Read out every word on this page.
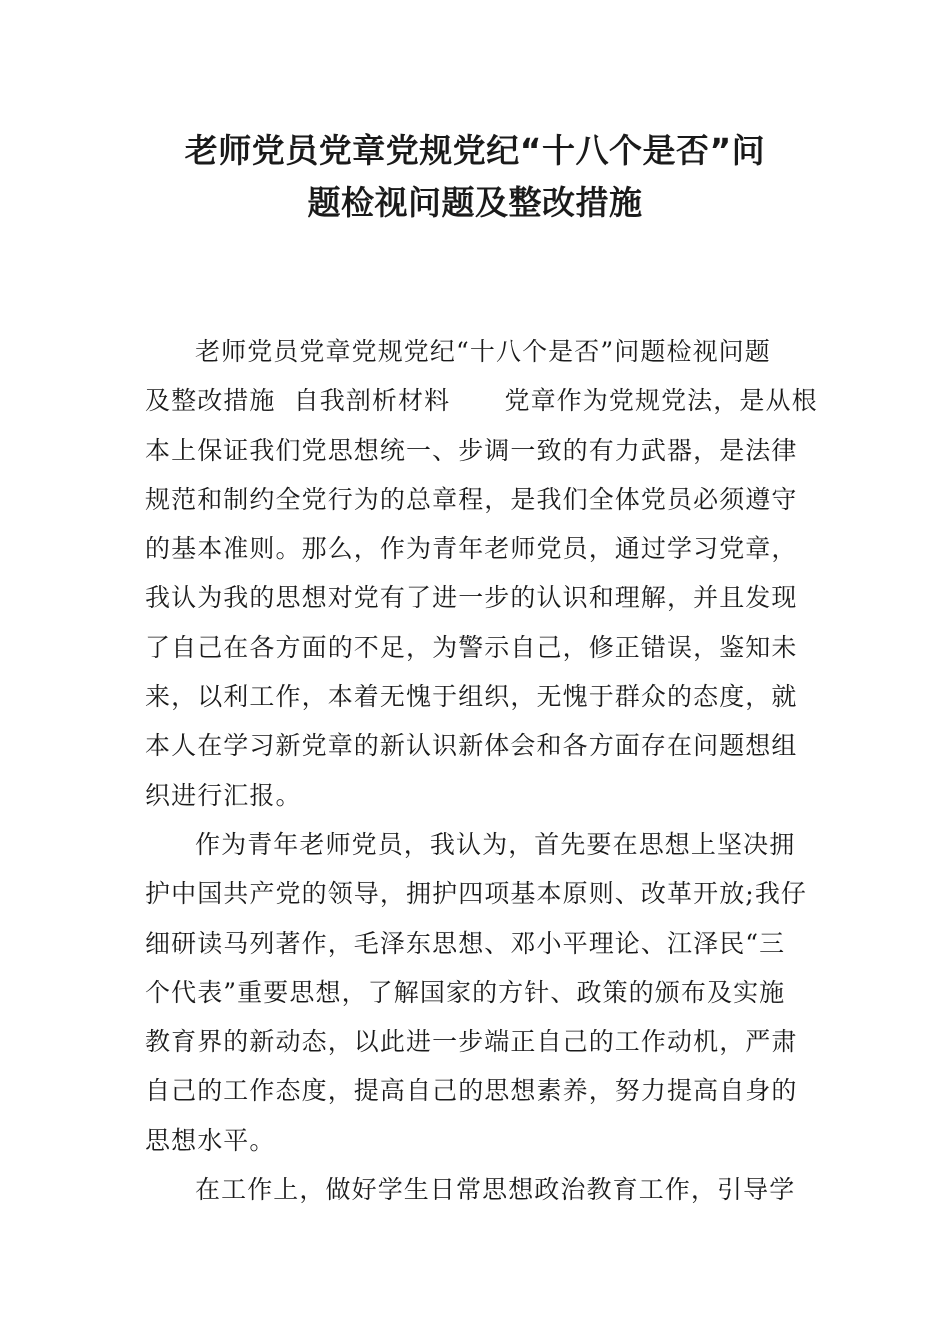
老师党员党章党规党纪“十八个是否”问
题检视问题及整改措施

老师党员党章党规党纪“十八个是否”问题检视问题
及整改措施  自我剖析材料      党章作为党规党法，是从根
本上保证我们党思想统一、步调一致的有力武器，是法律
规范和制约全党行为的总章程，是我们全体党员必须遵守
的基本准则。那么，作为青年老师党员，通过学习党章，
我认为我的思想对党有了进一步的认识和理解，并且发现
了自己在各方面的不足，为警示自己，修正错误，鉴知未
来，以利工作，本着无愧于组织，无愧于群众的态度，就
本人在学习新党章的新认识新体会和各方面存在问题想组
织进行汇报。

作为青年老师党员，我认为，首先要在思想上坚决拥
护中国共产党的领导，拥护四项基本原则、改革开放;我仔
细研读马列著作，毛泽东思想、邓小平理论、江泽民“三
个代表”重要思想，了解国家的方针、政策的颁布及实施
教育界的新动态，以此进一步端正自己的工作动机，严肃
自己的工作态度，提高自己的思想素养，努力提高自身的
思想水平。

在工作上，做好学生日常思想政治教育工作，引导学
